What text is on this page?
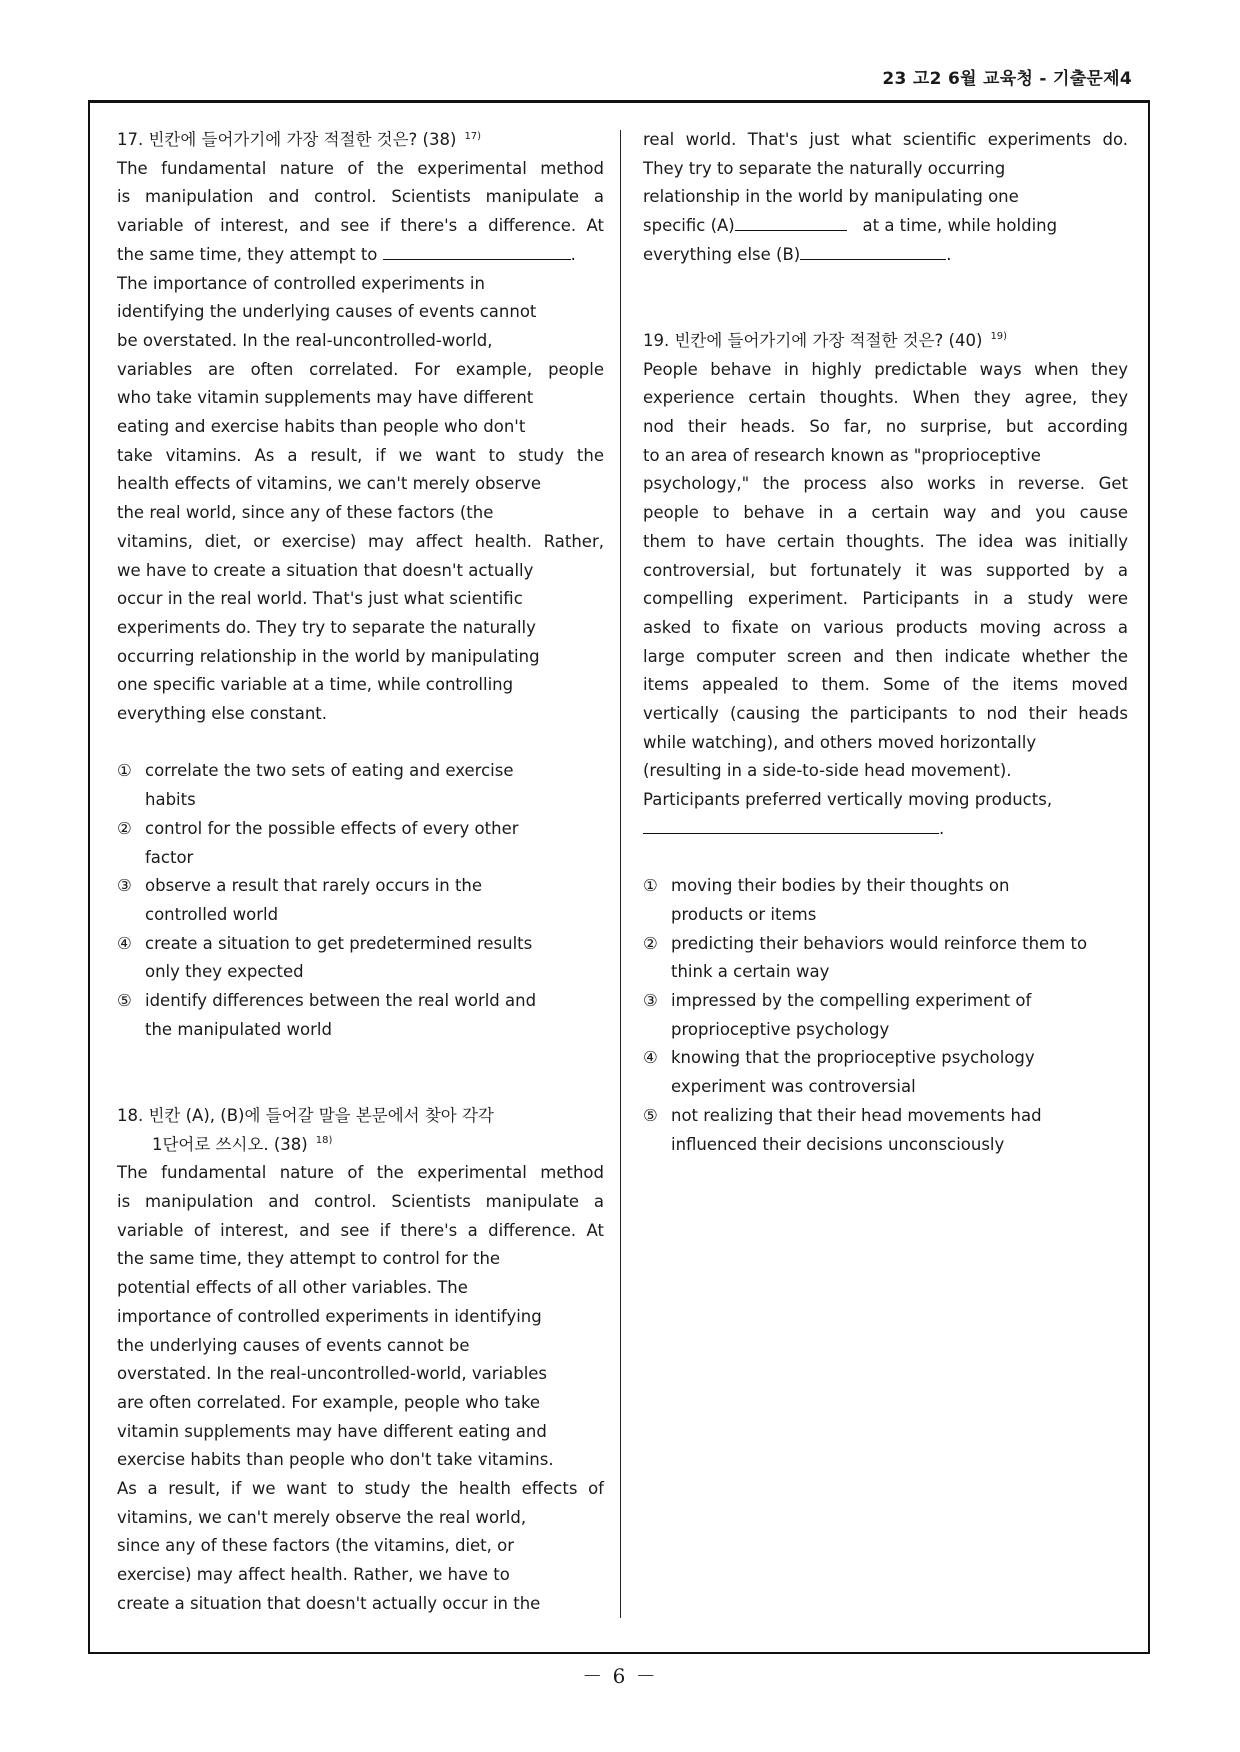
23 고2 6월 교육청 - 기출문제4
17. 빈칸에 들어가기에 가장 적절한 것은? (38) $^{17)}$
The fundamental nature of the experimental method
is manipulation and control. Scientists manipulate a
variable of interest, and see if there's a difference. At
the same time, they attempt to	.
The importance of controlled experiments in
identifying the underlying causes of events cannot
be overstated. In the real-uncontrolled-world,
variables are often correlated. For example, people
who take vitamin supplements may have different
eating and exercise habits than people who don't
take vitamins. As a result, if we want to study the
health effects of vitamins, we can't merely observe
the real world, since any of these factors (the
vitamins, diet, or exercise) may affect health. Rather,
we have to create a situation that doesn't actually
occur in the real world. That's just what scientific
experiments do. They try to separate the naturally
occurring relationship in the world by manipulating
one specific variable at a time, while controlling
everything else constant.
① correlate the two sets of eating and exercise
habits
② control for the possible effects of every other
factor
③ observe a result that rarely occurs in the
controlled world
④ create a situation to get predetermined results
only they expected
⑤ identify differences between the real world and
the manipulated world
18. 빈칸 (A), (B)에 들어갈 말을 본문에서 찾아 각각
1단어로 쓰시오. (38) $^{18)}$
The fundamental nature of the experimental method
is manipulation and control. Scientists manipulate a
variable of interest, and see if there's a difference. At
the same time, they attempt to control for the
potential effects of all other variables. The
importance of controlled experiments in identifying
the underlying causes of events cannot be
overstated. In the real-uncontrolled-world, variables
are often correlated. For example, people who take
vitamin supplements may have different eating and
exercise habits than people who don't take vitamins.
As a result, if we want to study the health effects of
vitamins, we can't merely observe the real world,
since any of these factors (the vitamins, diet, or
exercise) may affect health. Rather, we have to
create a situation that doesn't actually occur in the
real world. That's just what scientific experiments do.
They try to separate the naturally occurring
relationship in the world by manipulating one
specific (A)	at a time, while holding
everything else (B)	.
19. 빈칸에 들어가기에 가장 적절한 것은? (40) $^{19)}$
People behave in highly predictable ways when they
experience certain thoughts. When they agree, they
nod their heads. So far, no surprise, but according
to an area of research known as "proprioceptive
psychology," the process also works in reverse. Get
people to behave in a certain way and you cause
them to have certain thoughts. The idea was initially
controversial, but fortunately it was supported by a
compelling experiment. Participants in a study were
asked to fixate on various products moving across a
large computer screen and then indicate whether the
items appealed to them. Some of the items moved
vertically (causing the participants to nod their heads
while watching), and others moved horizontally
(resulting in a side-to-side head movement).
Participants preferred vertically moving products,
.
① moving their bodies by their thoughts on
products or items
② predicting their behaviors would reinforce them to
think a certain way
③ impressed by the compelling experiment of
proprioceptive psychology
④ knowing that the proprioceptive psychology
experiment was controversial
⑤ not realizing that their head movements had
influenced their decisions unconsciously
－ 6 －
